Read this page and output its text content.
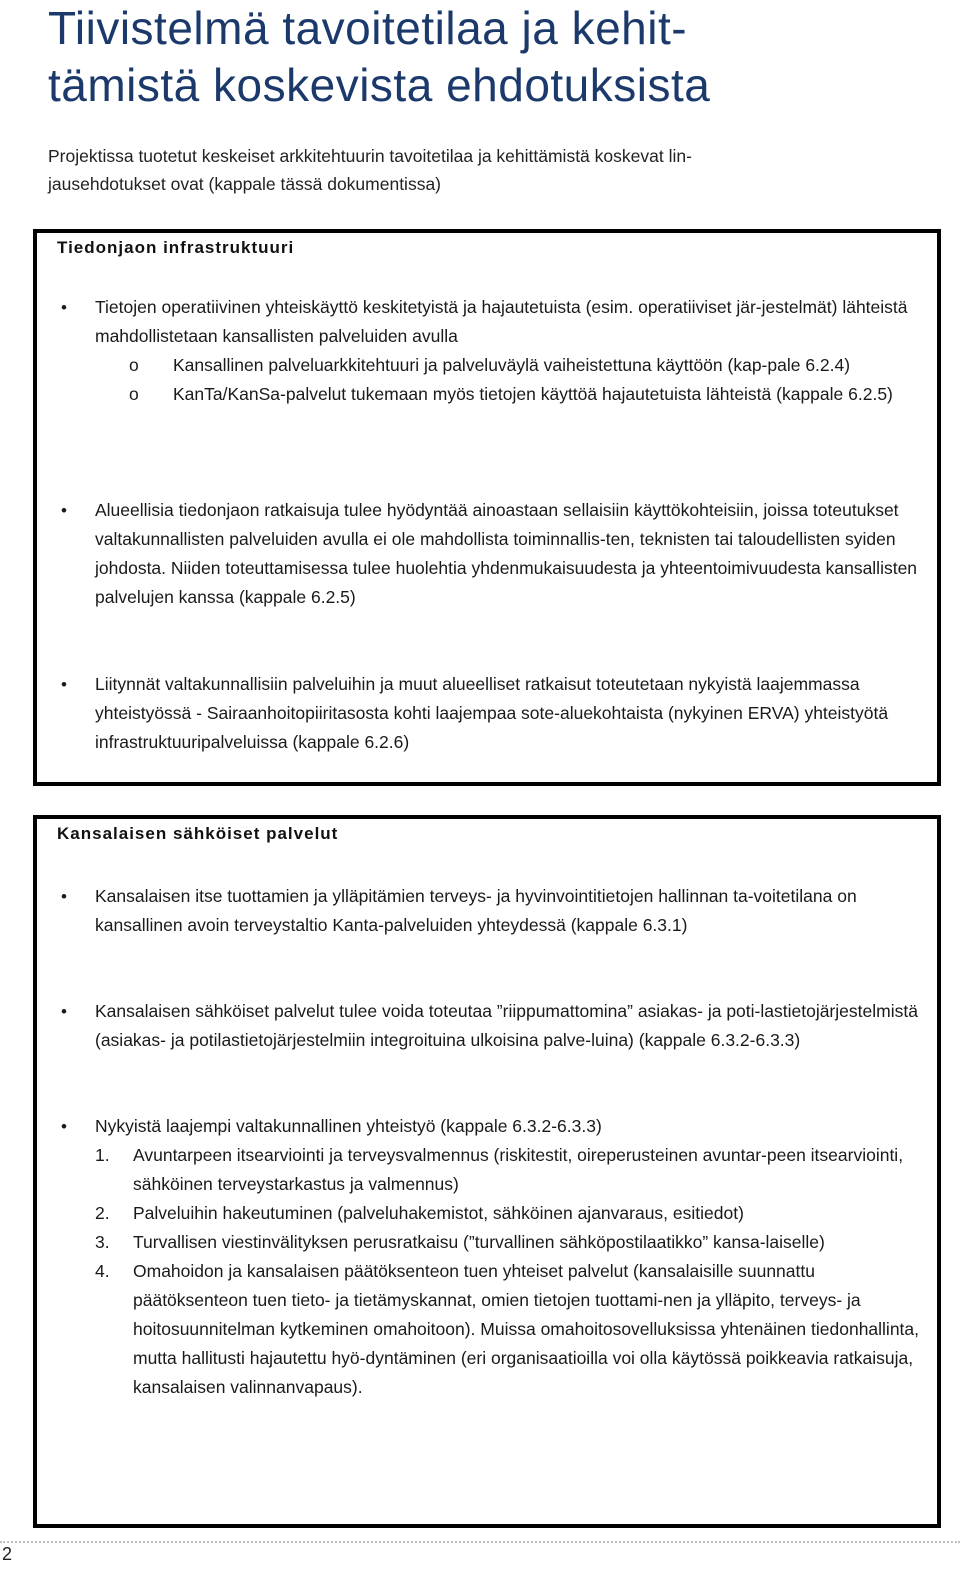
Tiivistelmä tavoitetilaa ja kehit-
tämistä koskevista ehdotuksista
Projektissa tuotetut keskeiset arkkitehtuurin tavoitetilaa ja kehittämistä koskevat lin-
jausehdotukset ovat (kappale tässä dokumentissa)
Tiedonjaon infrastruktuuri
• Tietojen operatiivinen yhteiskäyttö keskitetyistä ja hajautetuista (esim. operatiiviset jär-jestelmät) lähteistä mahdollistetaan kansallisten palveluiden avulla
o Kansallinen palveluarkkitehtuuri ja palveluväylä vaiheistettuna käyttöön (kap-pale 6.2.4)
o KanTa/KanSa-palvelut tukemaan myös tietojen käyttöä hajautetuista lähteistä (kappale 6.2.5)
• Alueellisia tiedonjaon ratkaisuja tulee hyödyntää ainoastaan sellaisiin käyttökohteisiin, joissa toteutukset valtakunnallisten palveluiden avulla ei ole mahdollista toiminnallis-ten, teknisten tai taloudellisten syiden johdosta. Niiden toteuttamisessa tulee huolehtia yhdenmukaisuudesta ja yhteentoimivuudesta kansallisten palvelujen kanssa (kappale 6.2.5)
• Liitynnät valtakunnallisiin palveluihin ja muut alueelliset ratkaisut toteutetaan nykyistä laajemmassa yhteistyössä - Sairaanhoitopiiritasosta kohti laajempaa sote-aluekohtaista (nykyinen ERVA) yhteistyötä infrastruktuuripalveluissa (kappale 6.2.6)
Kansalaisen sähköiset palvelut
• Kansalaisen itse tuottamien ja ylläpitämien terveys- ja hyvinvointitietojen hallinnan ta-voitetilana on kansallinen avoin terveystaltio Kanta-palveluiden yhteydessä (kappale 6.3.1)
• Kansalaisen sähköiset palvelut tulee voida toteutaa ”riippumattomina” asiakas- ja poti-lastietojärjestelmistä (asiakas- ja potilastietojärjestelmiin integroituina ulkoisina palve-luina) (kappale 6.3.2-6.3.3)
• Nykyistä laajempi valtakunnallinen yhteistyö (kappale 6.3.2-6.3.3)
1. Avuntarpeen itsearviointi ja terveysvalmennus (riskitestit, oireperusteinen avuntar-peen itsearviointi, sähköinen terveystarkastus ja valmennus)
2. Palveluihin hakeutuminen (palveluhakemistot, sähköinen ajanvaraus, esitiedot)
3. Turvallisen viestinvälityksen perusratkaisu (”turvallinen sähköpostilaatikko” kansa-laiselle)
4. Omahoidon ja kansalaisen päätöksenteon tuen yhteiset palvelut (kansalaisille suunnattu päätöksenteon tuen tieto- ja tietämyskannat, omien tietojen tuottami-nen ja ylläpito, terveys- ja hoitosuunnitelman kytkeminen omahoitoon). Muissa omahoitosovelluksissa yhtenäinen tiedonhallinta, mutta hallitusti hajautettu hyö-dyntäminen (eri organisaatioilla voi olla käytössä poikkeavia ratkaisuja, kansalaisen valinnanvapaus).
2
